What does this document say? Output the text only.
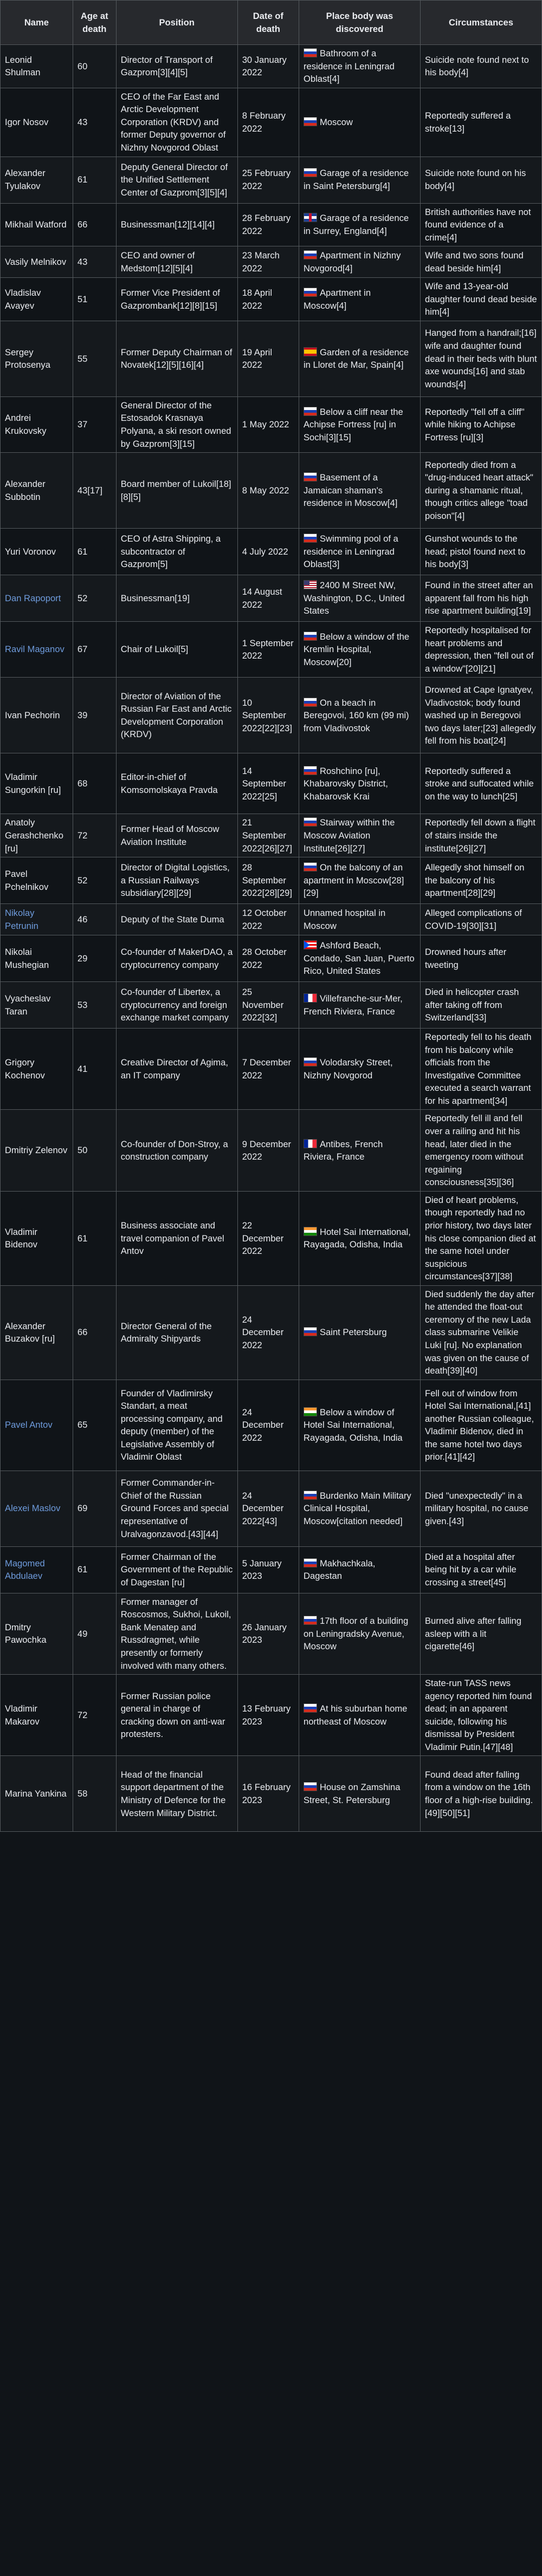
Name	Age at death	Position	Date of death	Place body was discovered	Circumstances
Leonid Shulman	60	Director of Transport of Gazprom[3][4][5]	30 January 2022	Bathroom of a residence in Leningrad Oblast[4]	Suicide note found next to his body[4]
Igor Nosov	43	CEO of the Far East and Arctic Development Corporation (KRDV) and former Deputy governor of Nizhny Novgorod Oblast	8 February 2022	Moscow	Reportedly suffered a stroke[13]
Alexander Tyulakov	61	Deputy General Director of the Unified Settlement Center of Gazprom[3][5][4]	25 February 2022	Garage of a residence in Saint Petersburg[4]	Suicide note found on his body[4]
Mikhail Watford	66	Businessman[12][14][4]	28 February 2022	Garage of a residence in Surrey, England[4]	British authorities have not found evidence of a crime[4]
Vasily Melnikov	43	CEO and owner of Medstom[12][5][4]	23 March 2022	Apartment in Nizhny Novgorod[4]	Wife and two sons found dead beside him[4]
Vladislav Avayev	51	Former Vice President of Gazprombank[12][8][15]	18 April 2022	Apartment in Moscow[4]	Wife and 13-year-old daughter found dead beside him[4]
Sergey Protosenya	55	Former Deputy Chairman of Novatek[12][5][16][4]	19 April 2022	Garden of a residence in Lloret de Mar, Spain[4]	Hanged from a handrail;[16] wife and daughter found dead in their beds with blunt axe wounds[16] and stab wounds[4]
Andrei Krukovsky	37	General Director of the Estosadok Krasnaya Polyana, a ski resort owned by Gazprom[3][15]	1 May 2022	Below a cliff near the Achipse Fortress [ru] in Sochi[3][15]	Reportedly "fell off a cliff" while hiking to Achipse Fortress [ru][3]
Alexander Subbotin	43[17]	Board member of Lukoil[18][8][5]	8 May 2022	Basement of a Jamaican shaman's residence in Moscow[4]	Reportedly died from a "drug-induced heart attack" during a shamanic ritual, though critics allege "toad poison"[4]
Yuri Voronov	61	CEO of Astra Shipping, a subcontractor of Gazprom[5]	4 July 2022	Swimming pool of a residence in Leningrad Oblast[3]	Gunshot wounds to the head; pistol found next to his body[3]
Dan Rapoport	52	Businessman[19]	14 August 2022	2400 M Street NW, Washington, D.C., United States	Found in the street after an apparent fall from his high rise apartment building[19]
Ravil Maganov	67	Chair of Lukoil[5]	1 September 2022	Below a window of the Kremlin Hospital, Moscow[20]	Reportedly hospitalised for heart problems and depression, then "fell out of a window"[20][21]
Ivan Pechorin	39	Director of Aviation of the Russian Far East and Arctic Development Corporation (KRDV)	10 September 2022[22][23]	On a beach in Beregovoi, 160 km (99 mi) from Vladivostok	Drowned at Cape Ignatyev, Vladivostok; body found washed up in Beregovoi two days later;[23] allegedly fell from his boat[24]
Vladimir Sungorkin [ru]	68	Editor-in-chief of Komsomolskaya Pravda	14 September 2022[25]	Roshchino [ru], Khabarovsky District, Khabarovsk Krai	Reportedly suffered a stroke and suffocated while on the way to lunch[25]
Anatoly Gerashchenko [ru]	72	Former Head of Moscow Aviation Institute	21 September 2022[26][27]	Stairway within the Moscow Aviation Institute[26][27]	Reportedly fell down a flight of stairs inside the institute[26][27]
Pavel Pchelnikov	52	Director of Digital Logistics, a Russian Railways subsidiary[28][29]	28 September 2022[28][29]	On the balcony of an apartment in Moscow[28][29]	Allegedly shot himself on the balcony of his apartment[28][29]
Nikolay Petrunin	46	Deputy of the State Duma	12 October 2022	Unnamed hospital in Moscow	Alleged complications of COVID-19[30][31]
Nikolai Mushegian	29	Co-founder of MakerDAO, a cryptocurrency company	28 October 2022	Ashford Beach, Condado, San Juan, Puerto Rico, United States	Drowned hours after tweeting
Vyacheslav Taran	53	Co-founder of Libertex, a cryptocurrency and foreign exchange market company	25 November 2022[32]	Villefranche-sur-Mer, French Riviera, France	Died in helicopter crash after taking off from Switzerland[33]
Grigory Kochenov	41	Creative Director of Agima, an IT company	7 December 2022	Volodarsky Street, Nizhny Novgorod	Reportedly fell to his death from his balcony while officials from the Investigative Committee executed a search warrant for his apartment[34]
Dmitriy Zelenov	50	Co-founder of Don-Stroy, a construction company	9 December 2022	Antibes, French Riviera, France	Reportedly fell ill and fell over a railing and hit his head, later died in the emergency room without regaining consciousness[35][36]
Vladimir Bidenov	61	Business associate and travel companion of Pavel Antov	22 December 2022	Hotel Sai International, Rayagada, Odisha, India	Died of heart problems, though reportedly had no prior history, two days later his close companion died at the same hotel under suspicious circumstances[37][38]
Alexander Buzakov [ru]	66	Director General of the Admiralty Shipyards	24 December 2022	Saint Petersburg	Died suddenly the day after he attended the float-out ceremony of the new Lada class submarine Velikie Luki [ru]. No explanation was given on the cause of death[39][40]
Pavel Antov	65	Founder of Vladimirsky Standart, a meat processing company, and deputy (member) of the Legislative Assembly of Vladimir Oblast	24 December 2022	Below a window of Hotel Sai International, Rayagada, Odisha, India	Fell out of window from Hotel Sai International,[41] another Russian colleague, Vladimir Bidenov, died in the same hotel two days prior.[41][42]
Alexei Maslov	69	Former Commander-in-Chief of the Russian Ground Forces and special representative of Uralvagonzavod.[43][44]	24 December 2022[43]	Burdenko Main Military Clinical Hospital, Moscow[citation needed]	Died "unexpectedly" in a military hospital, no cause given.[43]
Magomed Abdulaev	61	Former Chairman of the Government of the Republic of Dagestan [ru]	5 January 2023	Makhachkala, Dagestan	Died at a hospital after being hit by a car while crossing a street[45]
Dmitry Pawochka	49	Former manager of Roscosmos, Sukhoi, Lukoil, Bank Menatep and Russdragmet, while presently or formerly involved with many others.	26 January 2023	17th floor of a building on Leningradsky Avenue, Moscow	Burned alive after falling asleep with a lit cigarette[46]
Vladimir Makarov	72	Former Russian police general in charge of cracking down on anti-war protesters.	13 February 2023	At his suburban home northeast of Moscow	State-run TASS news agency reported him found dead; in an apparent suicide, following his dismissal by President Vladimir Putin.[47][48]
Marina Yankina	58	Head of the financial support department of the Ministry of Defence for the Western Military District.	16 February 2023	House on Zamshina Street, St. Petersburg	Found dead after falling from a window on the 16th floor of a high-rise building.[49][50][51]
